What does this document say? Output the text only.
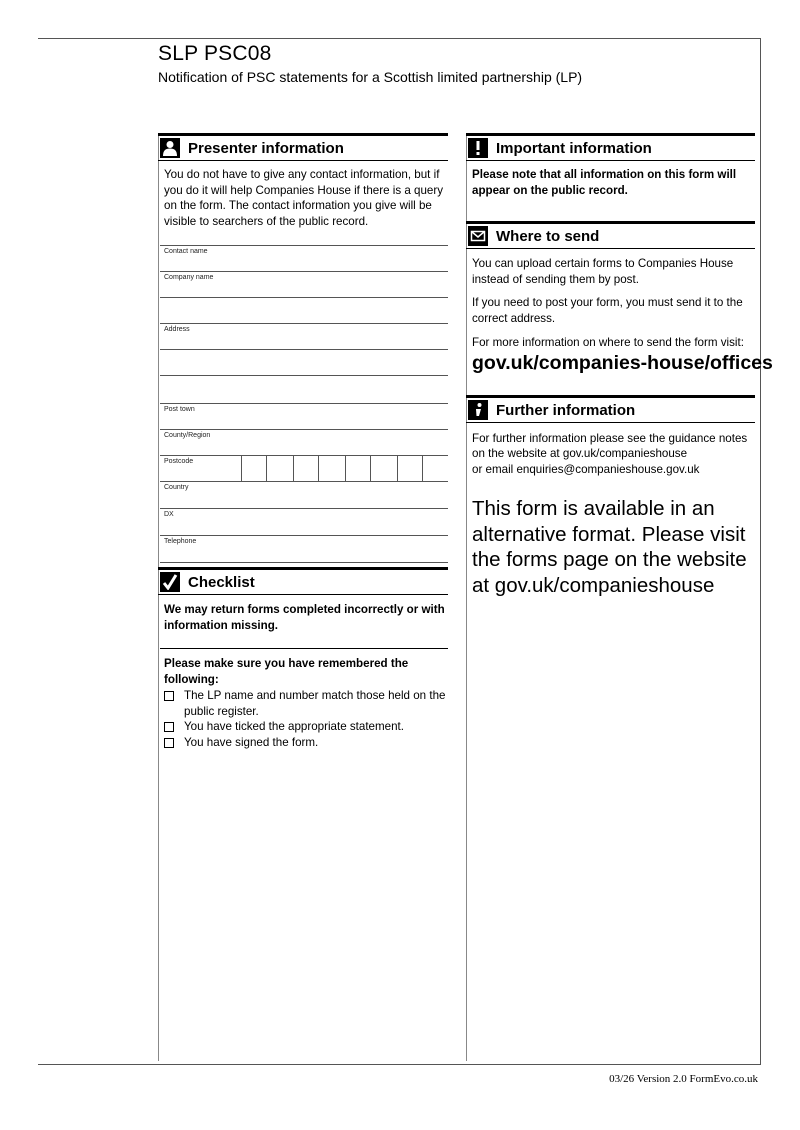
SLP PSC08
Notification of PSC statements for a Scottish limited partnership (LP)
Presenter information
You do not have to give any contact information, but if you do it will help Companies House if there is a query on the form. The contact information you give will be visible to searchers of the public record.
Contact name
Company name
Address
Post town
County/Region
Postcode
Country
DX
Telephone
Checklist
We may return forms completed incorrectly or with information missing.
Please make sure you have remembered the following:
The LP name and number match those held on the public register.
You have ticked the appropriate statement.
You have signed the form.
Important information
Please note that all information on this form will appear on the public record.
Where to send
You can upload certain forms to Companies House instead of sending them by post.
If you need to post your form, you must send it to the correct address.
For more information on where to send the form visit:
gov.uk/companies-house/offices
Further information
For further information please see the guidance notes
on the website at gov.uk/companieshouse
or email enquiries@companieshouse.gov.uk
This form is available in an alternative format. Please visit the forms page on the website at gov.uk/companieshouse
03/26 Version 2.0 FormEvo.co.uk
